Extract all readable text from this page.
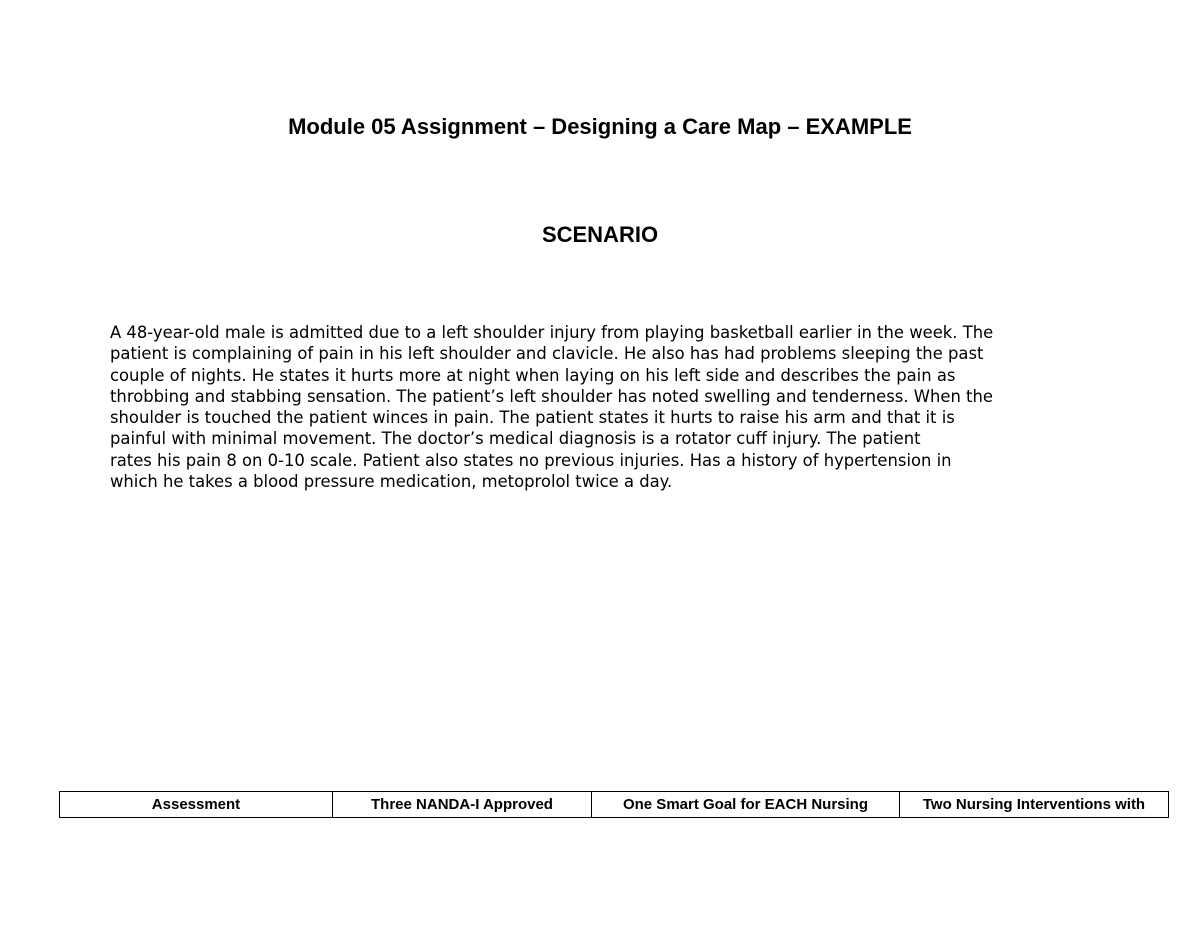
Module 05 Assignment – Designing a Care Map – EXAMPLE
SCENARIO
A 48-year-old male is admitted due to a left shoulder injury from playing basketball earlier in the week. The
patient is complaining of pain in his left shoulder and clavicle. He also has had problems sleeping the past
couple of nights. He states it hurts more at night when laying on his left side and describes the pain as
throbbing and stabbing sensation. The patient’s left shoulder has noted swelling and tenderness. When the
shoulder is touched the patient winces in pain. The patient states it hurts to raise his arm and that it is
painful with minimal movement. The doctor’s medical diagnosis is a rotator cuff injury. The patient
rates his pain 8 on 0-10 scale. Patient also states no previous injuries. Has a history of hypertension in
which he takes a blood pressure medication, metoprolol twice a day.
Assessment	Three NANDA-I Approved	One Smart Goal for EACH Nursing	Two Nursing Interventions with
